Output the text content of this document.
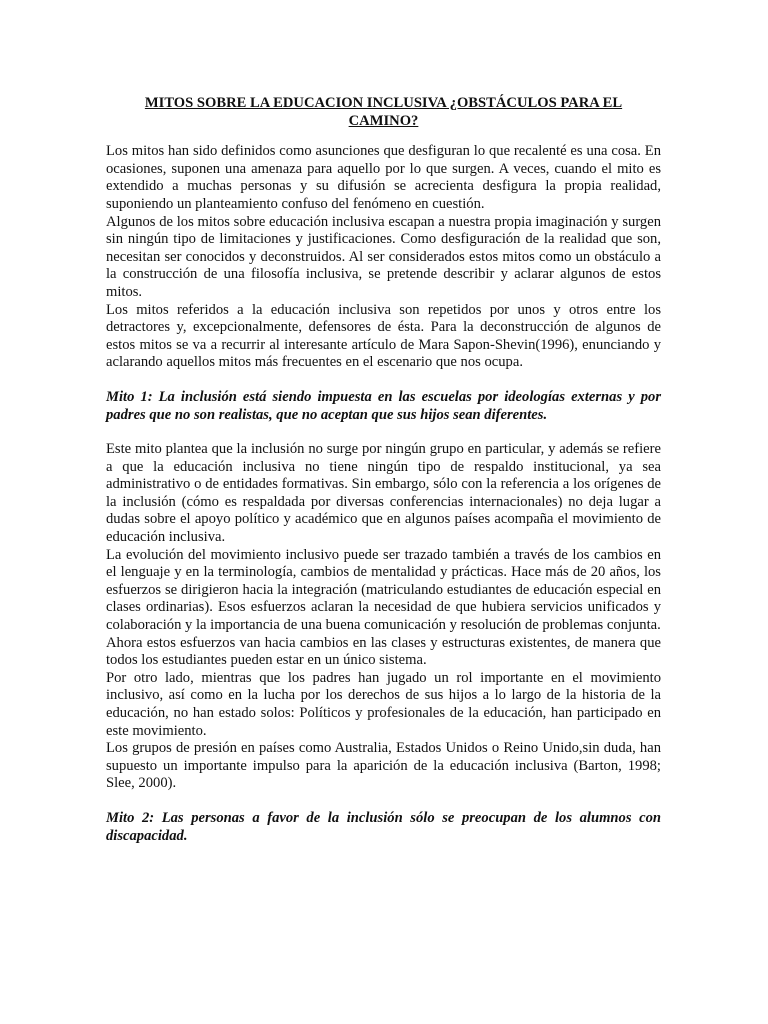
MITOS SOBRE LA EDUCACION INCLUSIVA ¿OBSTÁCULOS PARA EL
CAMINO?

Los mitos han sido definidos como asunciones que desfiguran lo que recalenté es una cosa. En ocasiones, suponen una amenaza para aquello por lo que surgen. A veces, cuando el mito es extendido a muchas personas y su difusión se acrecienta desfigura la propia realidad, suponiendo un planteamiento confuso del fenómeno en cuestión.

Algunos de los mitos sobre educación inclusiva escapan a nuestra propia imaginación y surgen sin ningún tipo de limitaciones y justificaciones. Como desfiguración de la realidad que son, necesitan ser conocidos y deconstruidos. Al ser considerados estos mitos como un obstáculo a la construcción de una filosofía inclusiva, se pretende describir y aclarar algunos de estos mitos.

Los mitos referidos a la educación inclusiva son repetidos por unos y otros entre los detractores y, excepcionalmente, defensores de ésta. Para la deconstrucción de algunos de estos mitos se va a recurrir al interesante artículo de Mara Sapon-Shevin(1996), enunciando y aclarando aquellos mitos más frecuentes en el escenario que nos ocupa.

Mito 1: La inclusión está siendo impuesta en las escuelas por ideologías externas y por padres que no son realistas, que no aceptan que sus hijos sean diferentes.

Este mito plantea que la inclusión no surge por ningún grupo en particular, y además se refiere a que la educación inclusiva no tiene ningún tipo de respaldo institucional, ya sea administrativo o de entidades formativas. Sin embargo, sólo con la referencia a los orígenes de la inclusión (cómo es respaldada por diversas conferencias internacionales) no deja lugar a dudas sobre el apoyo político y académico que en algunos países acompaña el movimiento de educación inclusiva.

La evolución del movimiento inclusivo puede ser trazado también a través de los cambios en el lenguaje y en la terminología, cambios de mentalidad y prácticas. Hace más de 20 años, los esfuerzos se dirigieron hacia la integración (matriculando estudiantes de educación especial en clases ordinarias). Esos esfuerzos aclaran la necesidad de que hubiera servicios unificados y colaboración y la importancia de una buena comunicación y resolución de problemas conjunta.

Ahora estos esfuerzos van hacia cambios en las clases y estructuras existentes, de manera que todos los estudiantes pueden estar en un único sistema.

Por otro lado, mientras que los padres han jugado un rol importante en el movimiento inclusivo, así como en la lucha por los derechos de sus hijos a lo largo de la historia de la educación, no han estado solos: Políticos y profesionales de la educación, han participado en este movimiento.

Los grupos de presión en países como Australia, Estados Unidos o Reino Unido,sin duda, han supuesto un importante impulso para la aparición de la educación inclusiva (Barton, 1998; Slee, 2000).

Mito 2: Las personas a favor de la inclusión sólo se preocupan de los alumnos con discapacidad.
